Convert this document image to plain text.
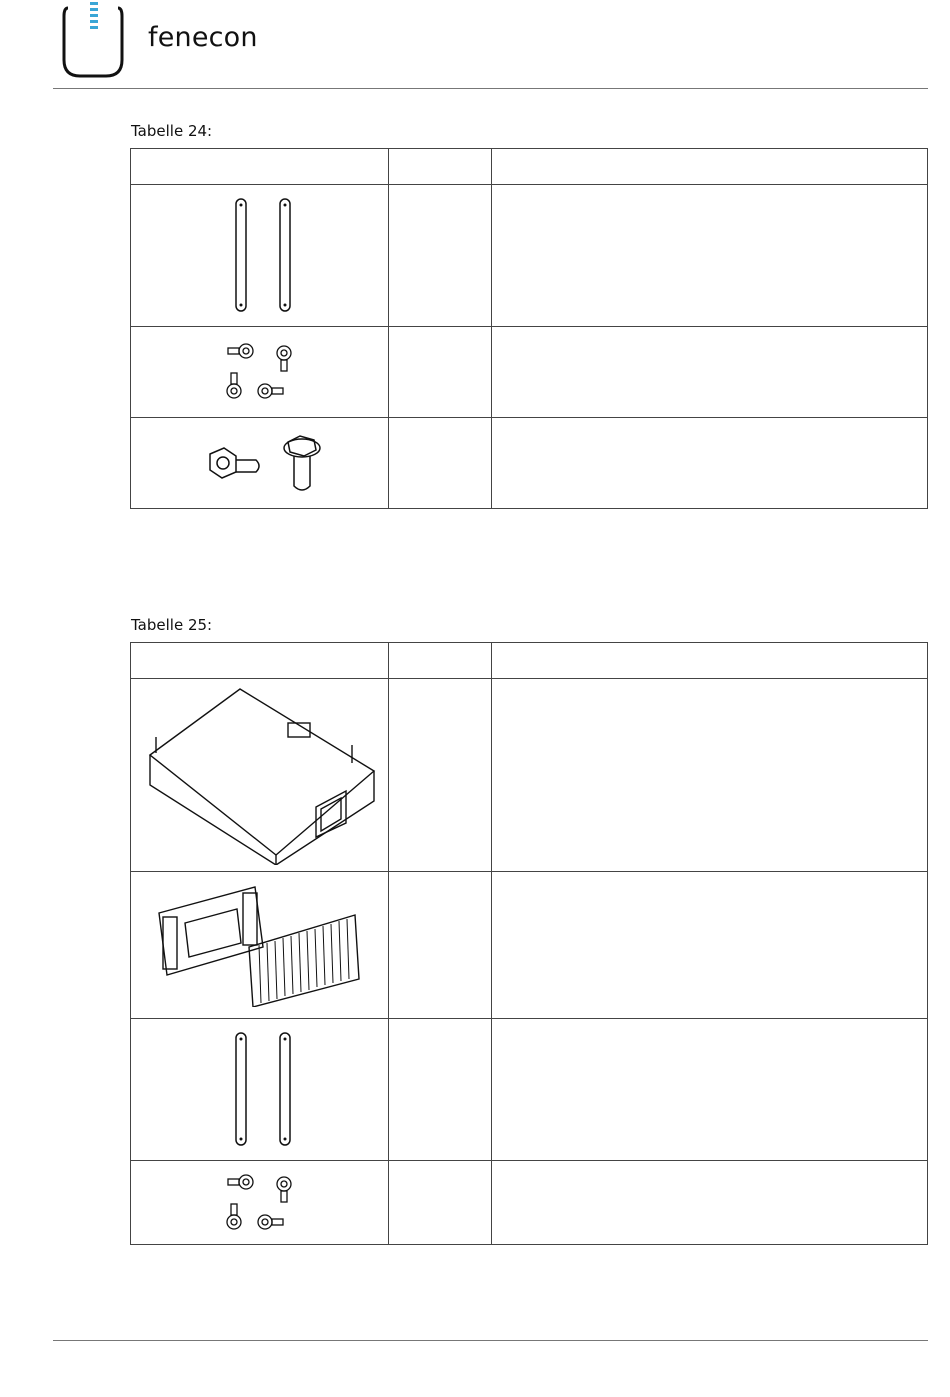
fenecon
Tabelle 24:

Tabelle 25:
